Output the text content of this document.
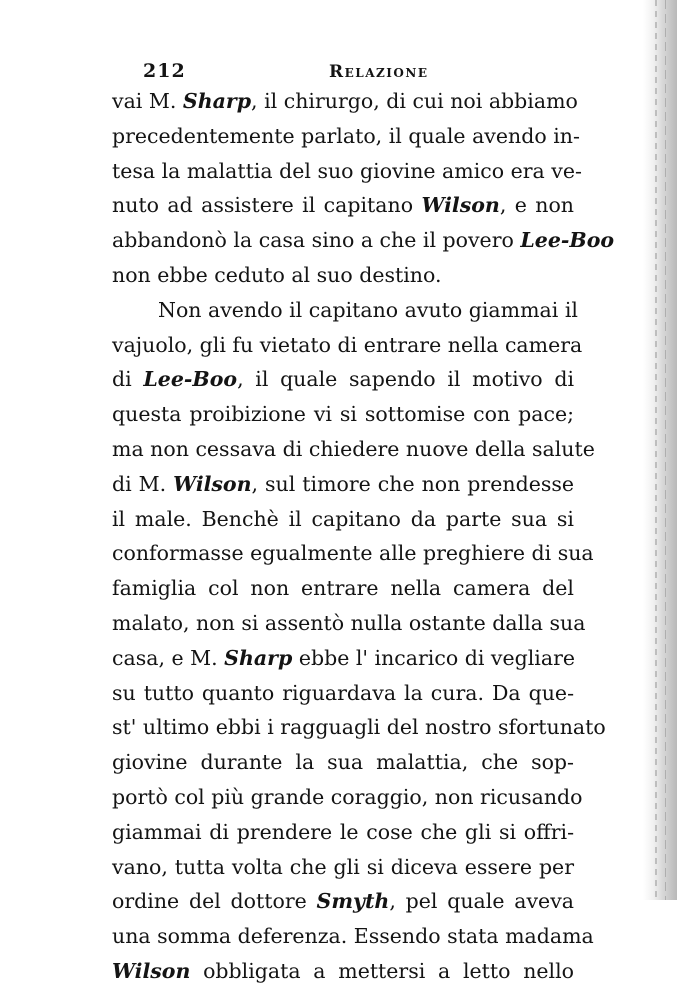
212	Relazione
vai M. Sharp, il chirurgo, di cui noi abbiamo
precedentemente parlato, il quale avendo in-
tesa la malattia del suo giovine amico era ve-
nuto ad assistere il capitano Wilson, e non
abbandonò la casa sino a che il povero Lee-Boo
non ebbe ceduto al suo destino.
Non avendo il capitano avuto giammai il
vajuolo, gli fu vietato di entrare nella camera
di Lee-Boo, il quale sapendo il motivo di
questa proibizione vi si sottomise con pace;
ma non cessava di chiedere nuove della salute
di M. Wilson, sul timore che non prendesse
il male. Benchè il capitano da parte sua si
conformasse egualmente alle preghiere di sua
famiglia col non entrare nella camera del
malato, non si assentò nulla ostante dalla sua
casa, e M. Sharp ebbe l' incarico di vegliare
su tutto quanto riguardava la cura. Da que-
st' ultimo ebbi i ragguagli del nostro sfortunato
giovine durante la sua malattia, che sop-
portò col più grande coraggio, non ricusando
giammai di prendere le cose che gli si offri-
vano, tutta volta che gli si diceva essere per
ordine del dottore Smyth, pel quale aveva
una somma deferenza. Essendo stata madama
Wilson obbligata a mettersi a letto nello
